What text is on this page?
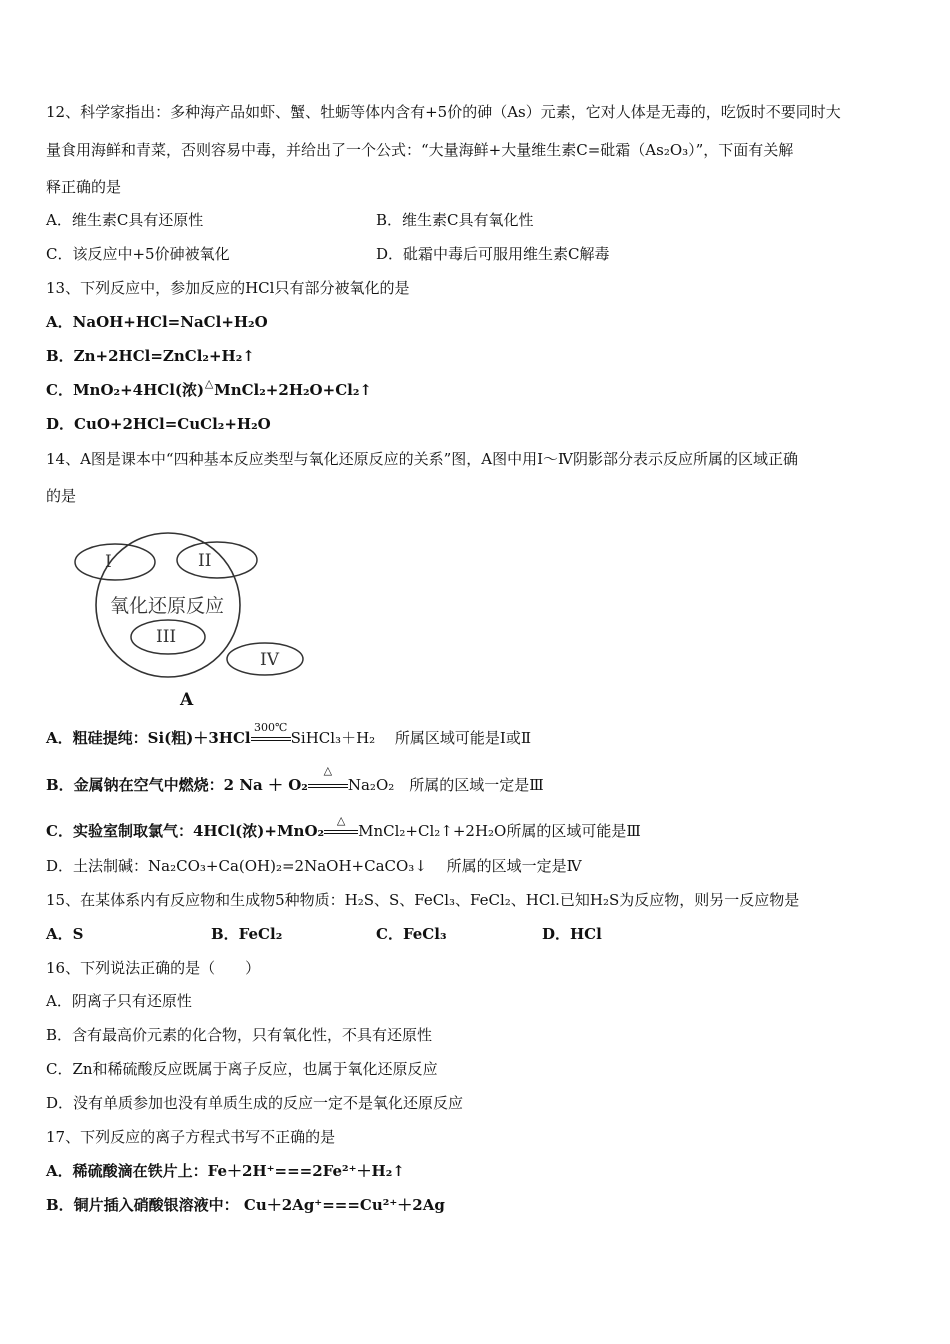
12、科学家指出：多种海产品如虾、蟹、牡蛎等体内含有+5价的砷（As）元素，它对人体是无毒的，吃饭时不要同时大
量食用海鲜和青菜，否则容易中毒，并给出了一个公式：“大量海鲜+大量维生素C=砒霜（As₂O₃）”，下面有关解
释正确的是
A．维生素C具有还原性	B．维生素C具有氧化性
C．该反应中+5价砷被氧化	D．砒霜中毒后可服用维生素C解毒
13、下列反应中，参加反应的HCl只有部分被氧化的是
A．NaOH+HCl=NaCl+H₂O
B．Zn+2HCl=ZnCl₂+H₂↑
C．MnO₂+4HCl(浓) △ MnCl₂+2H₂O+Cl₂↑
D．CuO+2HCl=CuCl₂+H₂O
14、A图是课本中“四种基本反应类型与氧化还原反应的关系”图，A图中用Ⅰ～Ⅳ阴影部分表示反应所属的区域正确
的是
I	II
氧化还原反应
III
IV
A
A．粗硅提纯：Si(粗)＋3HCl
300℃
SiHCl₃＋H₂　 所属区域可能是Ⅰ或Ⅱ
B．金属钠在空气中燃烧：2 Na ＋ O₂
△
Na₂O₂　所属的区域一定是Ⅲ
C．实验室制取氯气：4HCl(浓)+MnO₂
△
MnCl₂+Cl₂↑+2H₂O所属的区域可能是Ⅲ
D．土法制碱：Na₂CO₃+Ca(OH)₂=2NaOH+CaCO₃↓　 所属的区域一定是Ⅳ
15、在某体系内有反应物和生成物5种物质：H₂S、S、FeCl₃、FeCl₂、HCl.已知H₂S为反应物，则另一反应物是
A．S	B．FeCl₂	C．FeCl₃	D．HCl
16、下列说法正确的是（　　）
A．阴离子只有还原性
B．含有最高价元素的化合物，只有氧化性，不具有还原性
C．Zn和稀硫酸反应既属于离子反应，也属于氧化还原反应
D．没有单质参加也没有单质生成的反应一定不是氧化还原反应
17、下列反应的离子方程式书写不正确的是
A．稀硫酸滴在铁片上：Fe＋2H⁺===2Fe²⁺＋H₂↑
B．铜片插入硝酸银溶液中： Cu＋2Ag⁺===Cu²⁺＋2Ag
